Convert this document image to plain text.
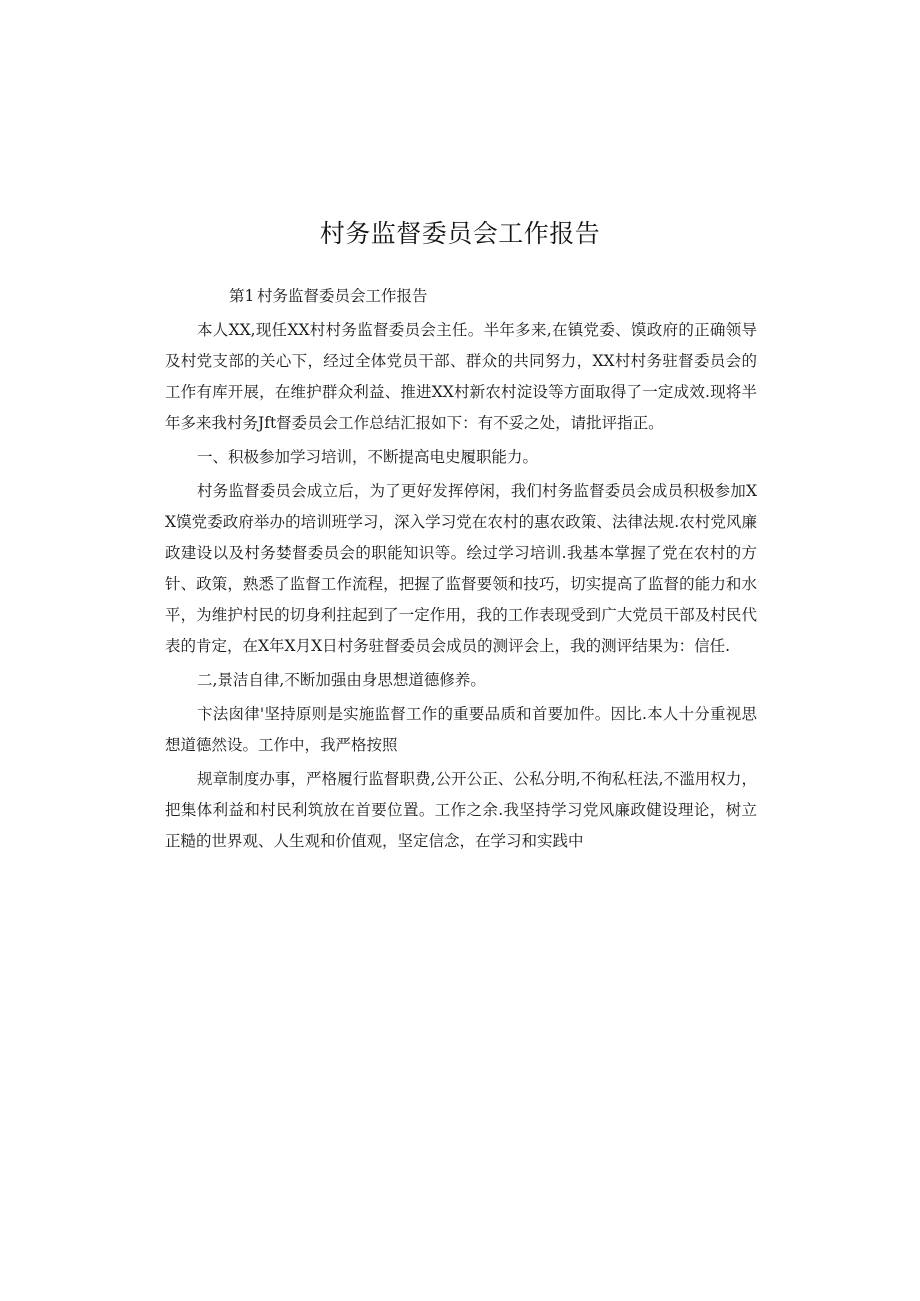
村务监督委员会工作报告
第1 村务监督委员会工作报告

本人XX,现任XX村村务监督委员会主任。半年多来,在镇党委、馍政府的正确领导及村党支部的关心下，经过全体党员干部、群众的共同努力，XX村村务驻督委员会的工作有库开展，在维护群众利益、推进XX村新农村淀设等方面取得了一定成效.现将半年多来我村务Jft督委员会工作总结汇报如下：有不妥之处，请批评指正。

一、积极参加学习培训，不断提高电史履职能力。

村务监督委员会成立后，为了更好发挥停闲，我们村务监督委员会成员积极参加XX馍党委政府举办的培训班学习，深入学习党在农村的惠农政策、法律法规.农村党风廉政建设以及村务婪督委员会的职能知识等。绘过学习培训.我基本掌握了党在农村的方针、政策，熟悉了监督工作流程，把握了监督要领和技巧，切实提高了监督的能力和水平，为维护村民的切身利拄起到了一定作用，我的工作表现受到广大党员干部及村民代表的肯定，在X年X月X日村务驻督委员会成员的测评会上，我的测评结果为：信任.

二,景洁自律,不断加强由身思想道德修养。

卞法囱律'坚持原则是实施监督工作的重要品质和首要加件。因比.本人十分重视思想道德然设。工作中，我严格按照

规章制度办事，严格履行监督职费,公开公正、公私分明,不徇私枉法,不滥用权力，把集体利益和村民利筑放在首要位置。工作之余.我坚持学习党风廉政健设理论，树立正糙的世界观、人生观和价值观，坚定信念，在学习和实践中
